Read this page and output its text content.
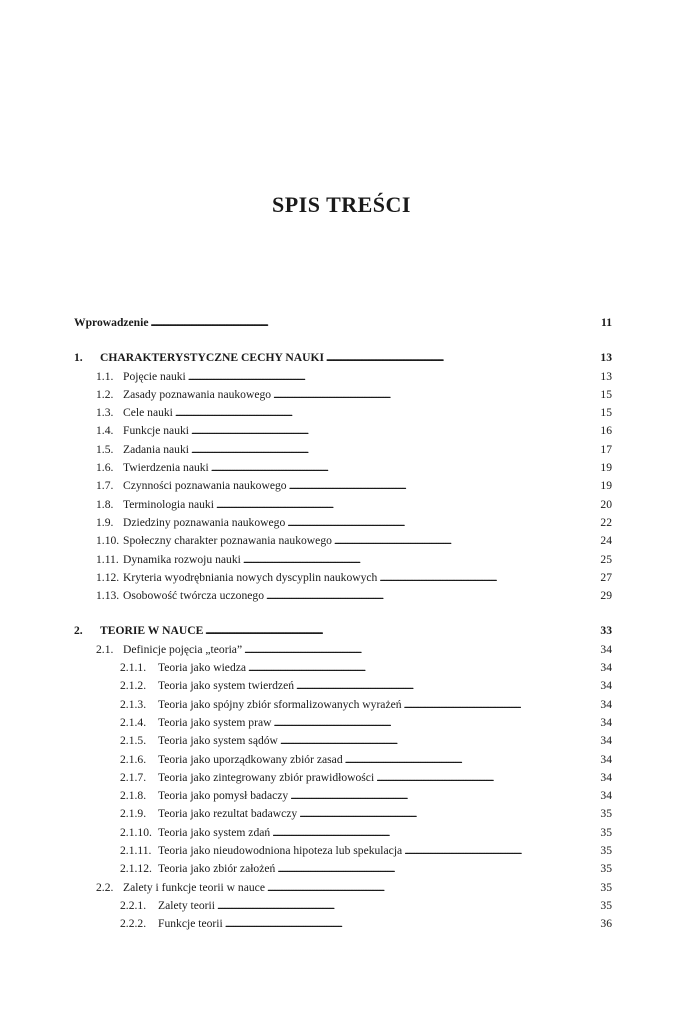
SPIS TREŚCI
Wprowadzenie . . .	11
1.	CHARAKTERYSTYCZNE CECHY NAUKI . . .	13
1.1. Pojęcie nauki . . .	13
1.2. Zasady poznawania naukowego . . .	15
1.3. Cele nauki . . .	15
1.4. Funkcje nauki . . .	16
1.5. Zadania nauki . . .	17
1.6. Twierdzenia nauki . . .	19
1.7. Czynności poznawania naukowego . . .	19
1.8. Terminologia nauki . . .	20
1.9. Dziedziny poznawania naukowego . . .	22
1.10. Społeczny charakter poznawania naukowego . . .	24
1.11. Dynamika rozwoju nauki . . .	25
1.12. Kryteria wyodrębniania nowych dyscyplin naukowych . . .	27
1.13. Osobowość twórcza uczonego . . .	29
2.	TEORIE W NAUCE . . .	33
2.1. Definicje pojęcia „teoria” . . .	34
2.1.1.	Teoria jako wiedza . . .	34
2.1.2.	Teoria jako system twierdzeń . . .	34
2.1.3.	Teoria jako spójny zbiór sformalizowanych wyrażeń . . .	34
2.1.4.	Teoria jako system praw . . .	34
2.1.5.	Teoria jako system sądów . . .	34
2.1.6.	Teoria jako uporządkowany zbiór zasad . . .	34
2.1.7.	Teoria jako zintegrowany zbiór prawidłowości . . .	34
2.1.8.	Teoria jako pomysł badaczy . . .	34
2.1.9.	Teoria jako rezultat badawczy . . .	35
2.1.10. Teoria jako system zdań . . .	35
2.1.11. Teoria jako nieudowodniona hipoteza lub spekulacja . . .	35
2.1.12. Teoria jako zbiór założeń . . .	35
2.2. Zalety i funkcje teorii w nauce . . .	35
2.2.1.	Zalety teorii . . .	35
2.2.2.	Funkcje teorii . . .	36
